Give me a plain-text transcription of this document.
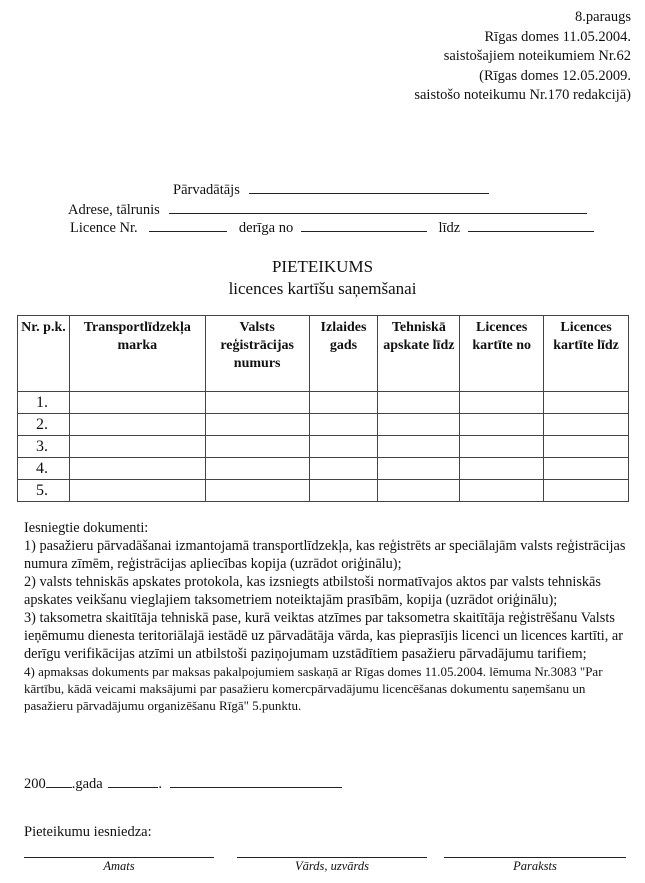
8.paraugs
Rīgas domes 11.05.2004.
saistošajiem noteikumiem Nr.62
(Rīgas domes 12.05.2009.
saistošo noteikumu Nr.170 redakcijā)
Pārvadātājs
Adrese, tālrunis
Licence Nr.	derīga no	līdz
PIETEIKUMS
licences kartīšu saņemšanai
Nr. p.k.	Transportlīdzekļa marka	Valsts reģistrācijas numurs	Izlaides gads	Tehniskā apskate līdz	Licences kartīte no	Licences kartīte līdz
1.						
2.						
3.						
4.						
5.						

Iesniegtie dokumenti:

1) pasažieru pārvadāšanai izmantojamā transportlīdzekļa, kas reģistrēts ar speciālajām valsts reģistrācijas numura zīmēm, reģistrācijas apliecības kopija (uzrādot oriģinālu);

2) valsts tehniskās apskates protokola, kas izsniegts atbilstoši normatīvajos aktos par valsts tehniskās apskates veikšanu vieglajiem taksometriem noteiktajām prasībām, kopija (uzrādot oriģinālu);

3) taksometra skaitītāja tehniskā pase, kurā veiktas atzīmes par taksometra skaitītāja reģistrēšanu Valsts ieņēmumu dienesta teritoriālajā iestādē uz pārvadātāja vārda, kas pieprasījis licenci un licences kartīti, ar derīgu verifikācijas atzīmi un atbilstoši paziņojumam uzstādītiem pasažieru pārvadājumu tarifiem;

4) apmaksas dokuments par maksas pakalpojumiem saskaņā ar Rīgas domes 11.05.2004. lēmuma Nr.3083 "Par kārtību, kādā veicami maksājumi par pasažieru komercpārvadājumu licencēšanas dokumentu saņemšanu un pasažieru pārvadājumu organizēšanu Rīgā" 5.punktu.

200 .gada	.
Pieteikumu iesniedza:
Amats	Vārds, uzvārds	Paraksts
